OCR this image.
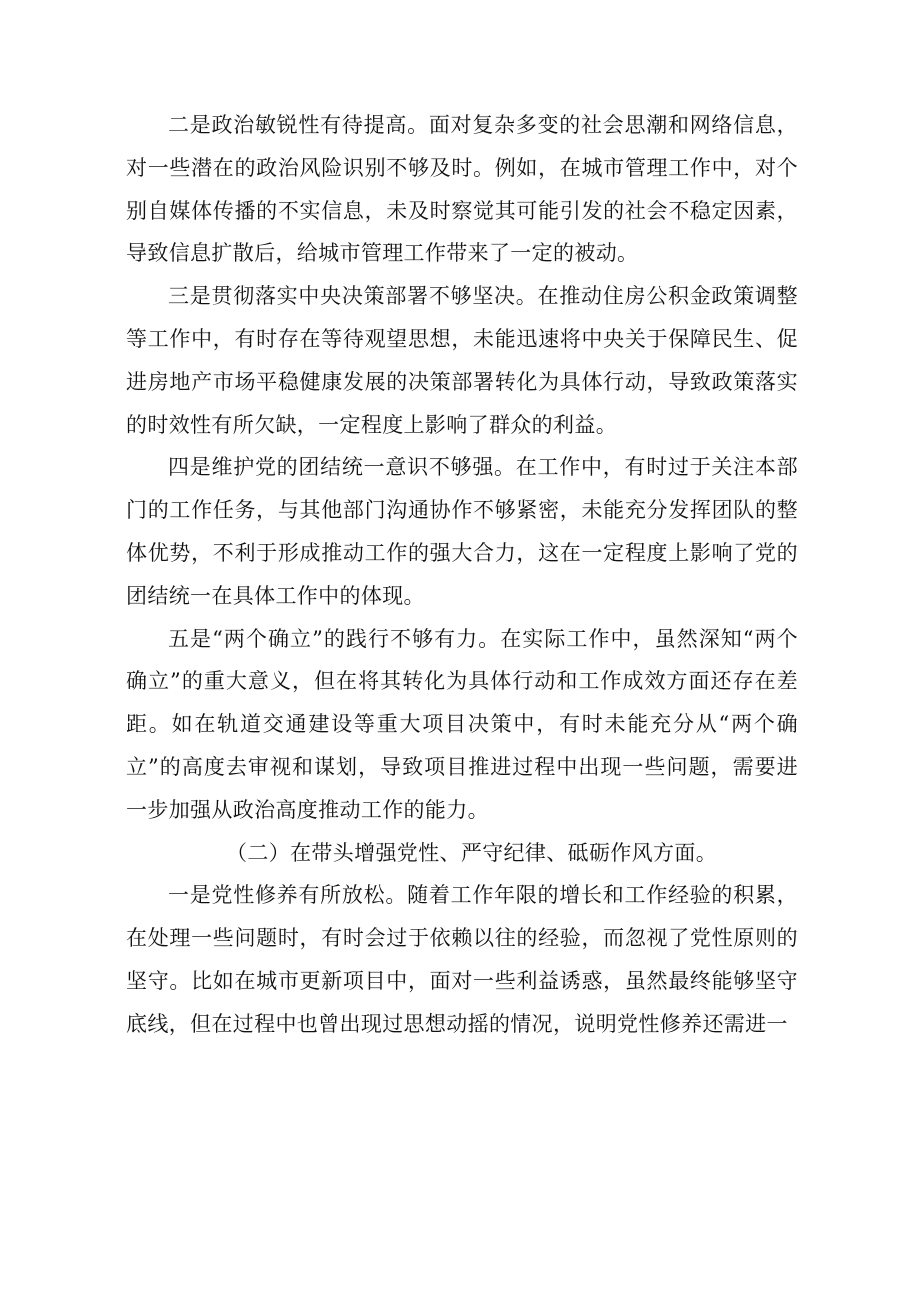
二是政治敏锐性有待提高。面对复杂多变的社会思潮和网络信息，对一些潜在的政治风险识别不够及时。例如，在城市管理工作中，对个别自媒体传播的不实信息，未及时察觉其可能引发的社会不稳定因素，导致信息扩散后，给城市管理工作带来了一定的被动。

三是贯彻落实中央决策部署不够坚决。在推动住房公积金政策调整等工作中，有时存在等待观望思想，未能迅速将中央关于保障民生、促进房地产市场平稳健康发展的决策部署转化为具体行动，导致政策落实的时效性有所欠缺，一定程度上影响了群众的利益。

四是维护党的团结统一意识不够强。在工作中，有时过于关注本部门的工作任务，与其他部门沟通协作不够紧密，未能充分发挥团队的整体优势，不利于形成推动工作的强大合力，这在一定程度上影响了党的团结统一在具体工作中的体现。

五是“两个确立”的践行不够有力。在实际工作中，虽然深知“两个确立”的重大意义，但在将其转化为具体行动和工作成效方面还存在差距。如在轨道交通建设等重大项目决策中，有时未能充分从“两个确立”的高度去审视和谋划，导致项目推进过程中出现一些问题，需要进一步加强从政治高度推动工作的能力。

（二）在带头增强党性、严守纪律、砥砺作风方面。

一是党性修养有所放松。随着工作年限的增长和工作经验的积累，在处理一些问题时，有时会过于依赖以往的经验，而忽视了党性原则的坚守。比如在城市更新项目中，面对一些利益诱惑，虽然最终能够坚守底线，但在过程中也曾出现过思想动摇的情况，说明党性修养还需进一
